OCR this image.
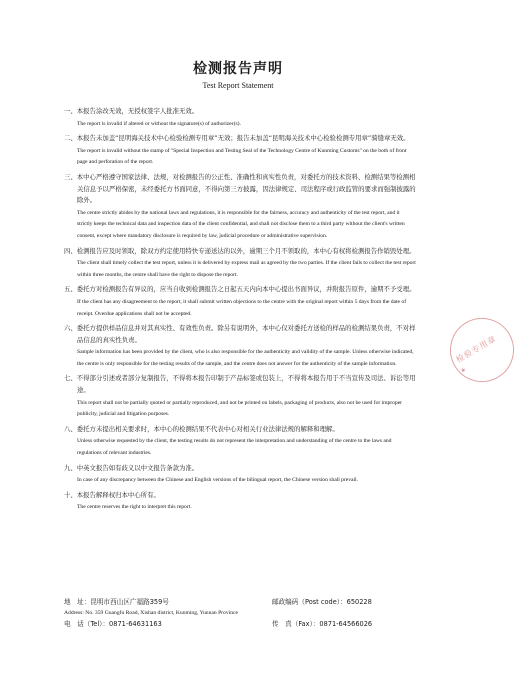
检测报告声明
Test Report Statement

一、本报告涂改无效，无授权签字人批准无效。

The report is invalid if altered or without the signature(s) of authorizer(s).

二、本报告未加盖“昆明海关技术中心检验检测专用章”无效；报告未加盖“昆明海关技术中心检验检测专用章”骑缝章无效。

The report is invalid without the stamp of "Special Inspection and Testing Seal of the Technology Centre of Kunming Customs" on the both of front page and perforation of the report.

三、本中心严格遵守国家法律、法规，对检测报告的公正性、准确性和真实性负责，对委托方的技术资料、检测结果等检测相关信息予以严格保密，未经委托方书面同意，不得向第三方披露，因法律规定、司法程序或行政监管的要求而强制披露的除外。

The centre strictly abides by the national laws and regulations, it is responsible for the fairness, accuracy and authenticity of the test report, and it strictly keeps the technical data and inspection data of the client confidential, and shall not disclose them to a third party without the client's written consent, except where mandatory disclosure is required by law, judicial procedure or administrative supervision.

四、检测报告应及时领取，除双方约定使用特快专递送达的以外，逾期三个月不领取的，本中心有权将检测报告作销毁处理。

The client shall timely collect the test report, unless it is delivered by express mail as agreed by the two parties. If the client fails to collect the test report within three months, the centre shall have the right to dispose the report.

五、委托方对检测报告有异议的，应当自收到检测报告之日起五天内向本中心提出书面异议，并附报告原件，逾期不予受理。

If the client has any disagreement to the report, it shall submit written objections to the centre with the original report within 5 days from the date of receipt. Overdue applications shall not be accepted.

六、委托方提供样品信息并对其真实性、有效性负责。除另有说明外，本中心仅对委托方送检的样品的检测结果负责，不对样品信息的真实性负责。

Sample information has been provided by the client, who is also responsible for the authenticity and validity of the sample. Unless otherwise indicated, the centre is only responsible for the testing results of the sample, and the centre does not answer for the authenticity of the sample information.

七、不得部分引述或者部分复制报告，不得将本报告印制于产品标签或包装上，不得将本报告用于不当宣传及司法、诉讼等用途。

This report shall not be partially quoted or partially reproduced, and not be printed on labels, packaging of products, also not be used for improper publicity, judicial and litigation purposes.

八、委托方未提出相关要求时，本中心的检测结果不代表中心对相关行业法律法规的解释和理解。

Unless otherwise requested by the client, the testing results do not represent the interpretation and understanding of the centre to the laws and regulations of relevant industries.

九、中英文报告如有歧义以中文报告条款为准。

In case of any discrepancy between the Chinese and English versions of the bilingual report, the Chinese version shall prevail.

十、本报告解释权归本中心所有。

The centre reserves the right to interpret this report.

地　址：昆明市西山区广福路359号	邮政编码（Post code）：650228
Address: No. 359 Guangfu Road, Xishan district, Kunming, Yunnan Province
电　话（Tel）：0871-64631163	传　真（Fax）：0871-64566026
检验专用章
★
